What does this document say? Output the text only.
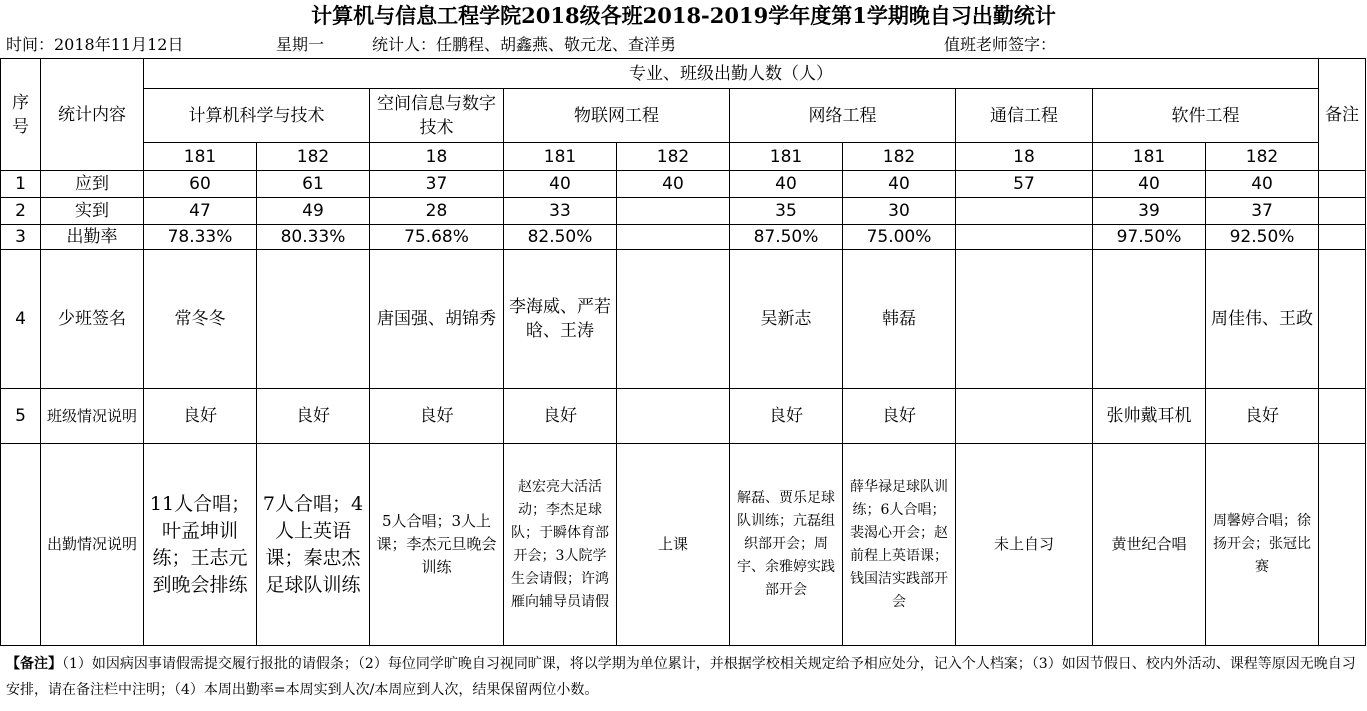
计算机与信息工程学院2018级各班2018-2019学年度第1学期晚自习出勤统计
时间：2018年11月12日	星期一	统计人：任鹏程、胡鑫燕、敬元龙、查洋勇	值班老师签字：
序号	统计内容	专业、班级出勤人数（人）										备注
		计算机科学与技术		空间信息与数字技术	物联网工程		网络工程		通信工程	软件工程		
		181	182	18	181	182	181	182	18	181	182	
1	应到	60	61	37	40	40	40	40	57	40	40	
2	实到	47	49	28	33		35	30		39	37	
3	出勤率	78.33%	80.33%	75.68%	82.50%		87.50%	75.00%		97.50%	92.50%	
4	少班签名	常冬冬		唐国强、胡锦秀	李海威、严若晗、王涛		吴新志	韩磊			周佳伟、王政	
5	班级情况说明	良好	良好	良好	良好		良好	良好		张帅戴耳机	良好	
	出勤情况说明	11人合唱；叶孟坤训练；王志元到晚会排练	7人合唱；4人上英语课；秦忠杰足球队训练	5人合唱；3人上课；李杰元旦晚会训练	赵宏亮大活活动；李杰足球队；于瞬体育部开会；3人院学生会请假；许鸿雁向辅导员请假	上课	解磊、贾乐足球队训练；亢磊组织部开会；周宇、余雅婷实践部开会	薛华禄足球队训练；6人合唱；裴渴心开会；赵前程上英语课；钱国洁实践部开会	未上自习	黄世纪合唱	周馨婷合唱；徐扬开会；张冠比赛	
【备注】（1）如因病因事请假需提交履行报批的请假条；（2）每位同学旷晚自习视同旷课，将以学期为单位累计，并根据学校相关规定给予相应处分，记入个人档案；（3）如因节假日、校内外活动、课程等原因无晚自习安排，请在备注栏中注明；（4）本周出勤率=本周实到人次/本周应到人次，结果保留两位小数。
